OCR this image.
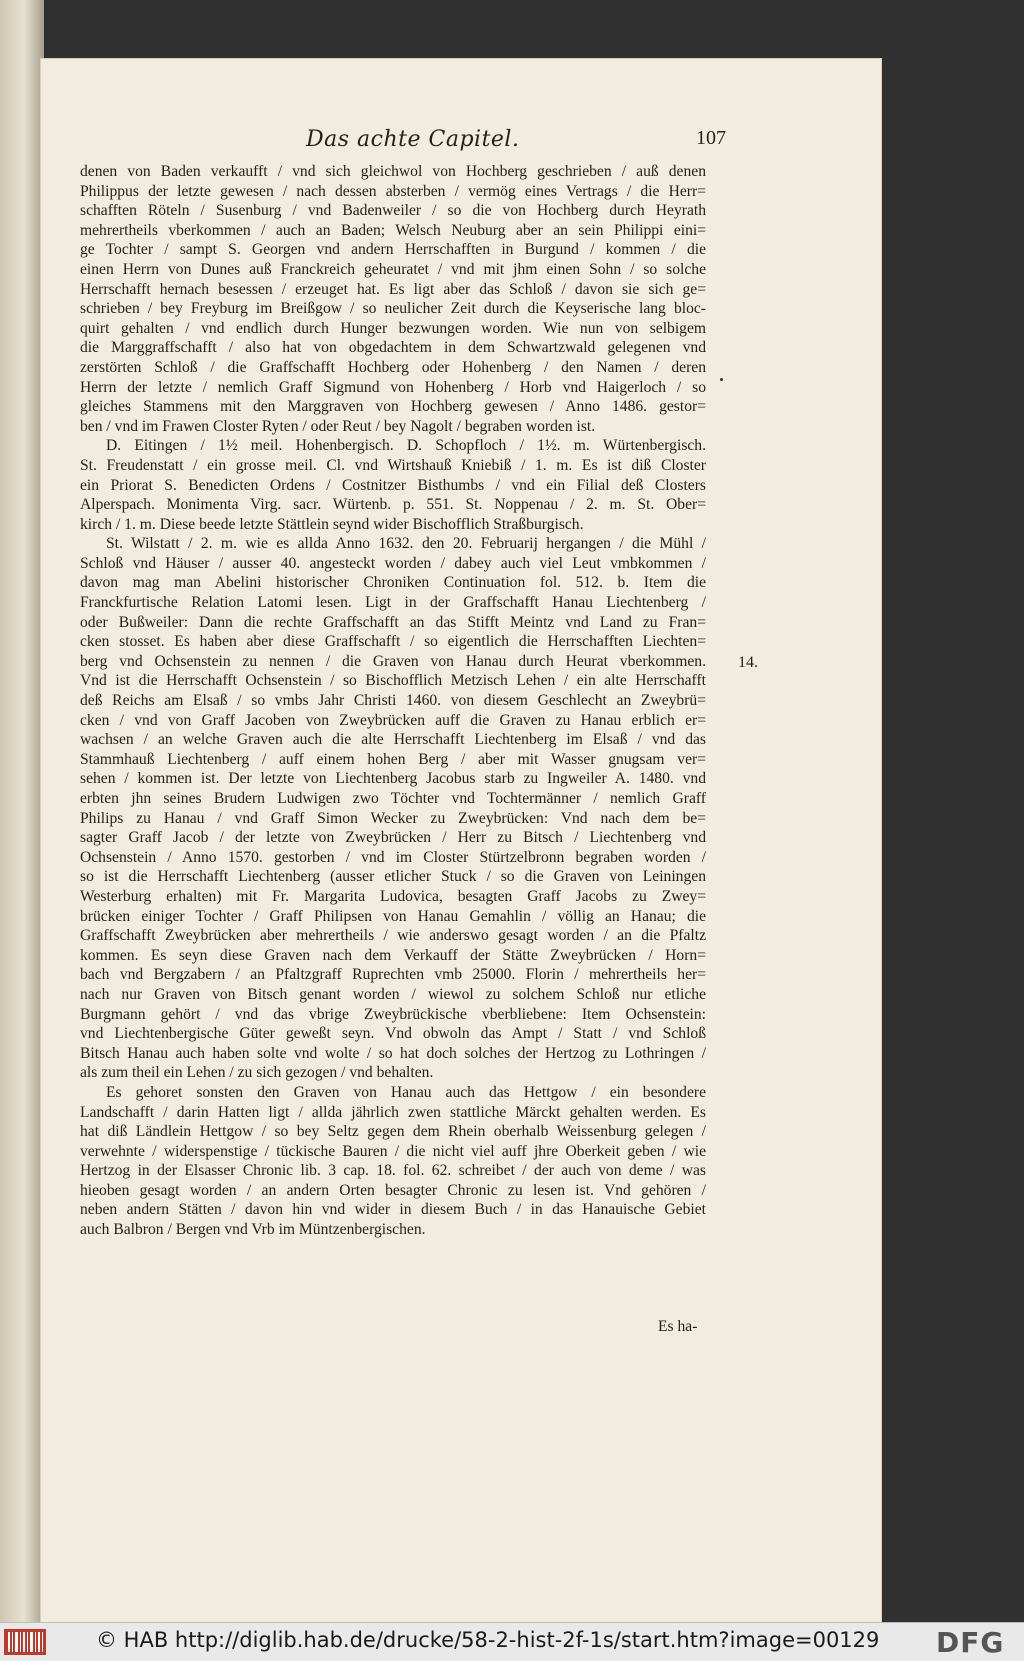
Das achte Capitel.	107
denen von Baden verkaufft / vnd sich gleichwol von Hochberg geschrieben / auß denen
Philippus der letzte gewesen / nach dessen absterben / vermög eines Vertrags / die Herr=
schafften Röteln / Susenburg / vnd Badenweiler / so die von Hochberg durch Heyrath
mehrertheils vberkommen / auch an Baden; Welsch Neuburg aber an sein Philippi eini=
ge Tochter / sampt S. Georgen vnd andern Herrschafften in Burgund / kommen / die
einen Herrn von Dunes auß Franckreich geheuratet / vnd mit jhm einen Sohn / so solche
Herrschafft hernach besessen / erzeuget hat. Es ligt aber das Schloß / davon sie sich ge=
schrieben / bey Freyburg im Breißgow / so neulicher Zeit durch die Keyserische lang bloc-
quirt gehalten / vnd endlich durch Hunger bezwungen worden. Wie nun von selbigem
die Marggraffschafft / also hat von obgedachtem in dem Schwartzwald gelegenen vnd
zerstörten Schloß / die Graffschafft Hochberg oder Hohenberg / den Namen / deren
Herrn der letzte / nemlich Graff Sigmund von Hohenberg / Horb vnd Haigerloch / so
gleiches Stammens mit den Marggraven von Hochberg gewesen / Anno 1486. gestor=
ben / vnd im Frawen Closter Ryten / oder Reut / bey Nagolt / begraben worden ist.
D. Eitingen / 1½ meil. Hohenbergisch. D. Schopfloch / 1½. m. Würtenbergisch.
St. Freudenstatt / ein grosse meil. Cl. vnd Wirtshauß Kniebiß / 1. m. Es ist diß Closter
ein Priorat S. Benedicten Ordens / Costnitzer Bisthumbs / vnd ein Filial deß Closters
Alperspach. Monimenta Virg. sacr. Würtenb. p. 551. St. Noppenau / 2. m. St. Ober=
kirch / 1. m. Diese beede letzte Stättlein seynd wider Bischofflich Straßburgisch.
St. Wilstatt / 2. m. wie es allda Anno 1632. den 20. Februarij hergangen / die Mühl /
Schloß vnd Häuser / ausser 40. angesteckt worden / dabey auch viel Leut vmbkommen /
davon mag man Abelini historischer Chroniken Continuation fol. 512. b. Item die
Franckfurtische Relation Latomi lesen. Ligt in der Graffschafft Hanau Liechtenberg /
oder Bußweiler: Dann die rechte Graffschafft an das Stifft Meintz vnd Land zu Fran=
cken stosset. Es haben aber diese Graffschafft / so eigentlich die Herrschafften Liechten=
berg vnd Ochsenstein zu nennen / die Graven von Hanau durch Heurat vberkommen.
Vnd ist die Herrschafft Ochsenstein / so Bischofflich Metzisch Lehen / ein alte Herrschafft
deß Reichs am Elsaß / so vmbs Jahr Christi 1460. von diesem Geschlecht an Zweybrü=
cken / vnd von Graff Jacoben von Zweybrücken auff die Graven zu Hanau erblich er=
wachsen / an welche Graven auch die alte Herrschafft Liechtenberg im Elsaß / vnd das
Stammhauß Liechtenberg / auff einem hohen Berg / aber mit Wasser gnugsam ver=
sehen / kommen ist. Der letzte von Liechtenberg Jacobus starb zu Ingweiler A. 1480. vnd
erbten jhn seines Brudern Ludwigen zwo Töchter vnd Tochtermänner / nemlich Graff
Philips zu Hanau / vnd Graff Simon Wecker zu Zweybrücken: Vnd nach dem be=
sagter Graff Jacob / der letzte von Zweybrücken / Herr zu Bitsch / Liechtenberg vnd
Ochsenstein / Anno 1570. gestorben / vnd im Closter Stürtzelbronn begraben worden /
so ist die Herrschafft Liechtenberg (ausser etlicher Stuck / so die Graven von Leiningen
Westerburg erhalten) mit Fr. Margarita Ludovica, besagten Graff Jacobs zu Zwey=
brücken einiger Tochter / Graff Philipsen von Hanau Gemahlin / völlig an Hanau; die
Graffschafft Zweybrücken aber mehrertheils / wie anderswo gesagt worden / an die Pfaltz
kommen. Es seyn diese Graven nach dem Verkauff der Stätte Zweybrücken / Horn=
bach vnd Bergzabern / an Pfaltzgraff Ruprechten vmb 25000. Florin / mehrertheils her=
nach nur Graven von Bitsch genant worden / wiewol zu solchem Schloß nur etliche
Burgmann gehört / vnd das vbrige Zweybrückische vberbliebene: Item Ochsenstein:
vnd Liechtenbergische Güter geweßt seyn. Vnd obwoln das Ampt / Statt / vnd Schloß
Bitsch Hanau auch haben solte vnd wolte / so hat doch solches der Hertzog zu Lothringen /
als zum theil ein Lehen / zu sich gezogen / vnd behalten.
Es gehoret sonsten den Graven von Hanau auch das Hettgow / ein besondere
Landschafft / darin Hatten ligt / allda jährlich zwen stattliche Märckt gehalten werden. Es
hat diß Ländlein Hettgow / so bey Seltz gegen dem Rhein oberhalb Weissenburg gelegen /
verwehnte / widerspenstige / tückische Bauren / die nicht viel auff jhre Oberkeit geben / wie
Hertzog in der Elsasser Chronic lib. 3 cap. 18. fol. 62. schreibet / der auch von deme / was
hieoben gesagt worden / an andern Orten besagter Chronic zu lesen ist. Vnd gehören /
neben andern Stätten / davon hin vnd wider in diesem Buch / in das Hanauische Gebiet
auch Balbron / Bergen vnd Vrb im Müntzenbergischen.
14.
Es ha-
© HAB http://diglib.hab.de/drucke/58-2-hist-2f-1s/start.htm?image=00129 DFG
